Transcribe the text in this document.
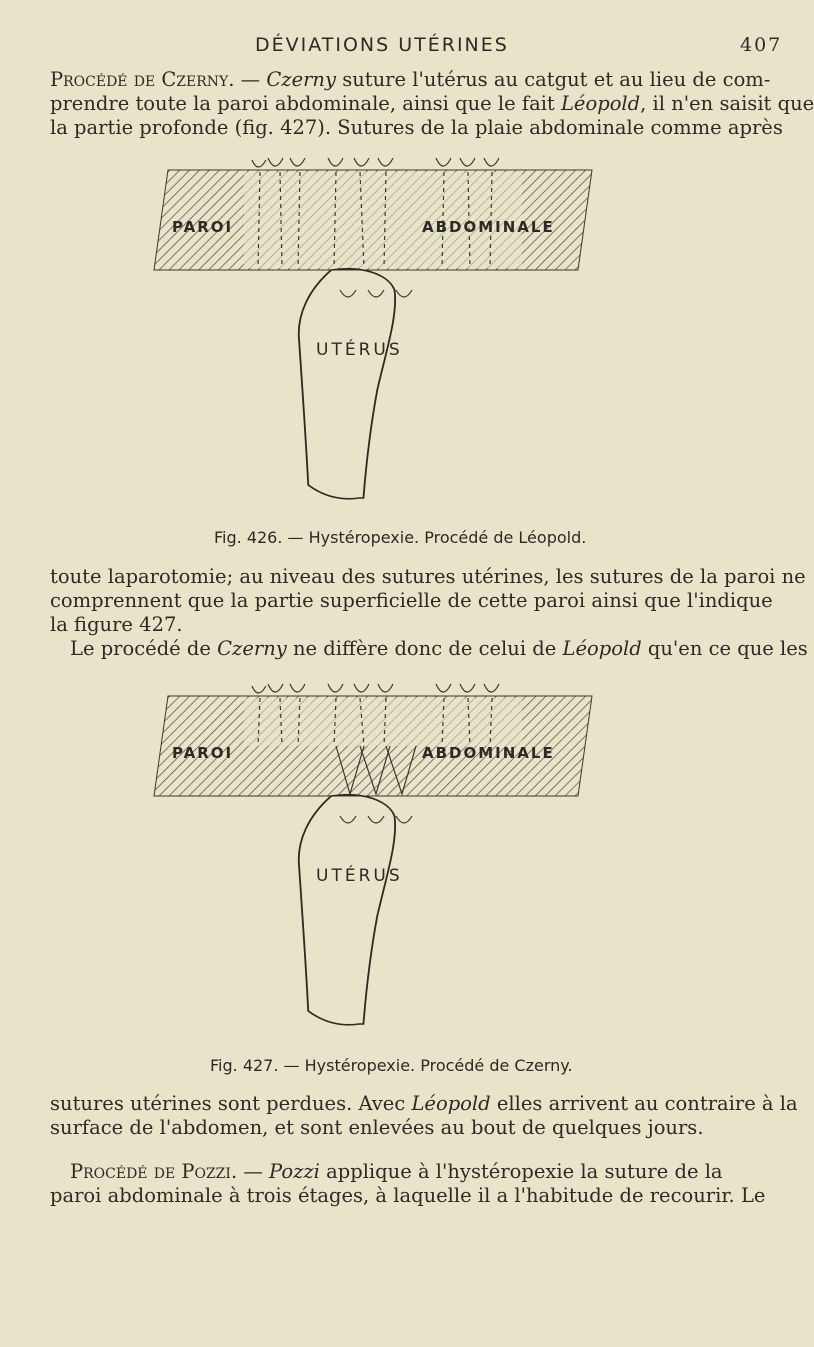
DÉVIATIONS UTÉRINES	407
Procédé de Czerny. — Czerny suture l'utérus au catgut et au lieu de com-
prendre toute la paroi abdominale, ainsi que le fait Léopold, il n'en saisit que
la partie profonde (fig. 427). Sutures de la plaie abdominale comme après
PAROI	ABDOMINALE
UTÉRUS
Fig. 426. — Hystéropexie. Procédé de Léopold.
toute laparotomie; au niveau des sutures utérines, les sutures de la paroi ne
comprennent que la partie superficielle de cette paroi ainsi que l'indique
la figure 427.
Le procédé de Czerny ne diffère donc de celui de Léopold qu'en ce que les
PAROI	ABDOMINALE
UTÉRUS
Fig. 427. — Hystéropexie. Procédé de Czerny.
sutures utérines sont perdues. Avec Léopold elles arrivent au contraire à la
surface de l'abdomen, et sont enlevées au bout de quelques jours.
Procédé de Pozzi. — Pozzi applique à l'hystéropexie la suture de la
paroi abdominale à trois étages, à laquelle il a l'habitude de recourir. Le
